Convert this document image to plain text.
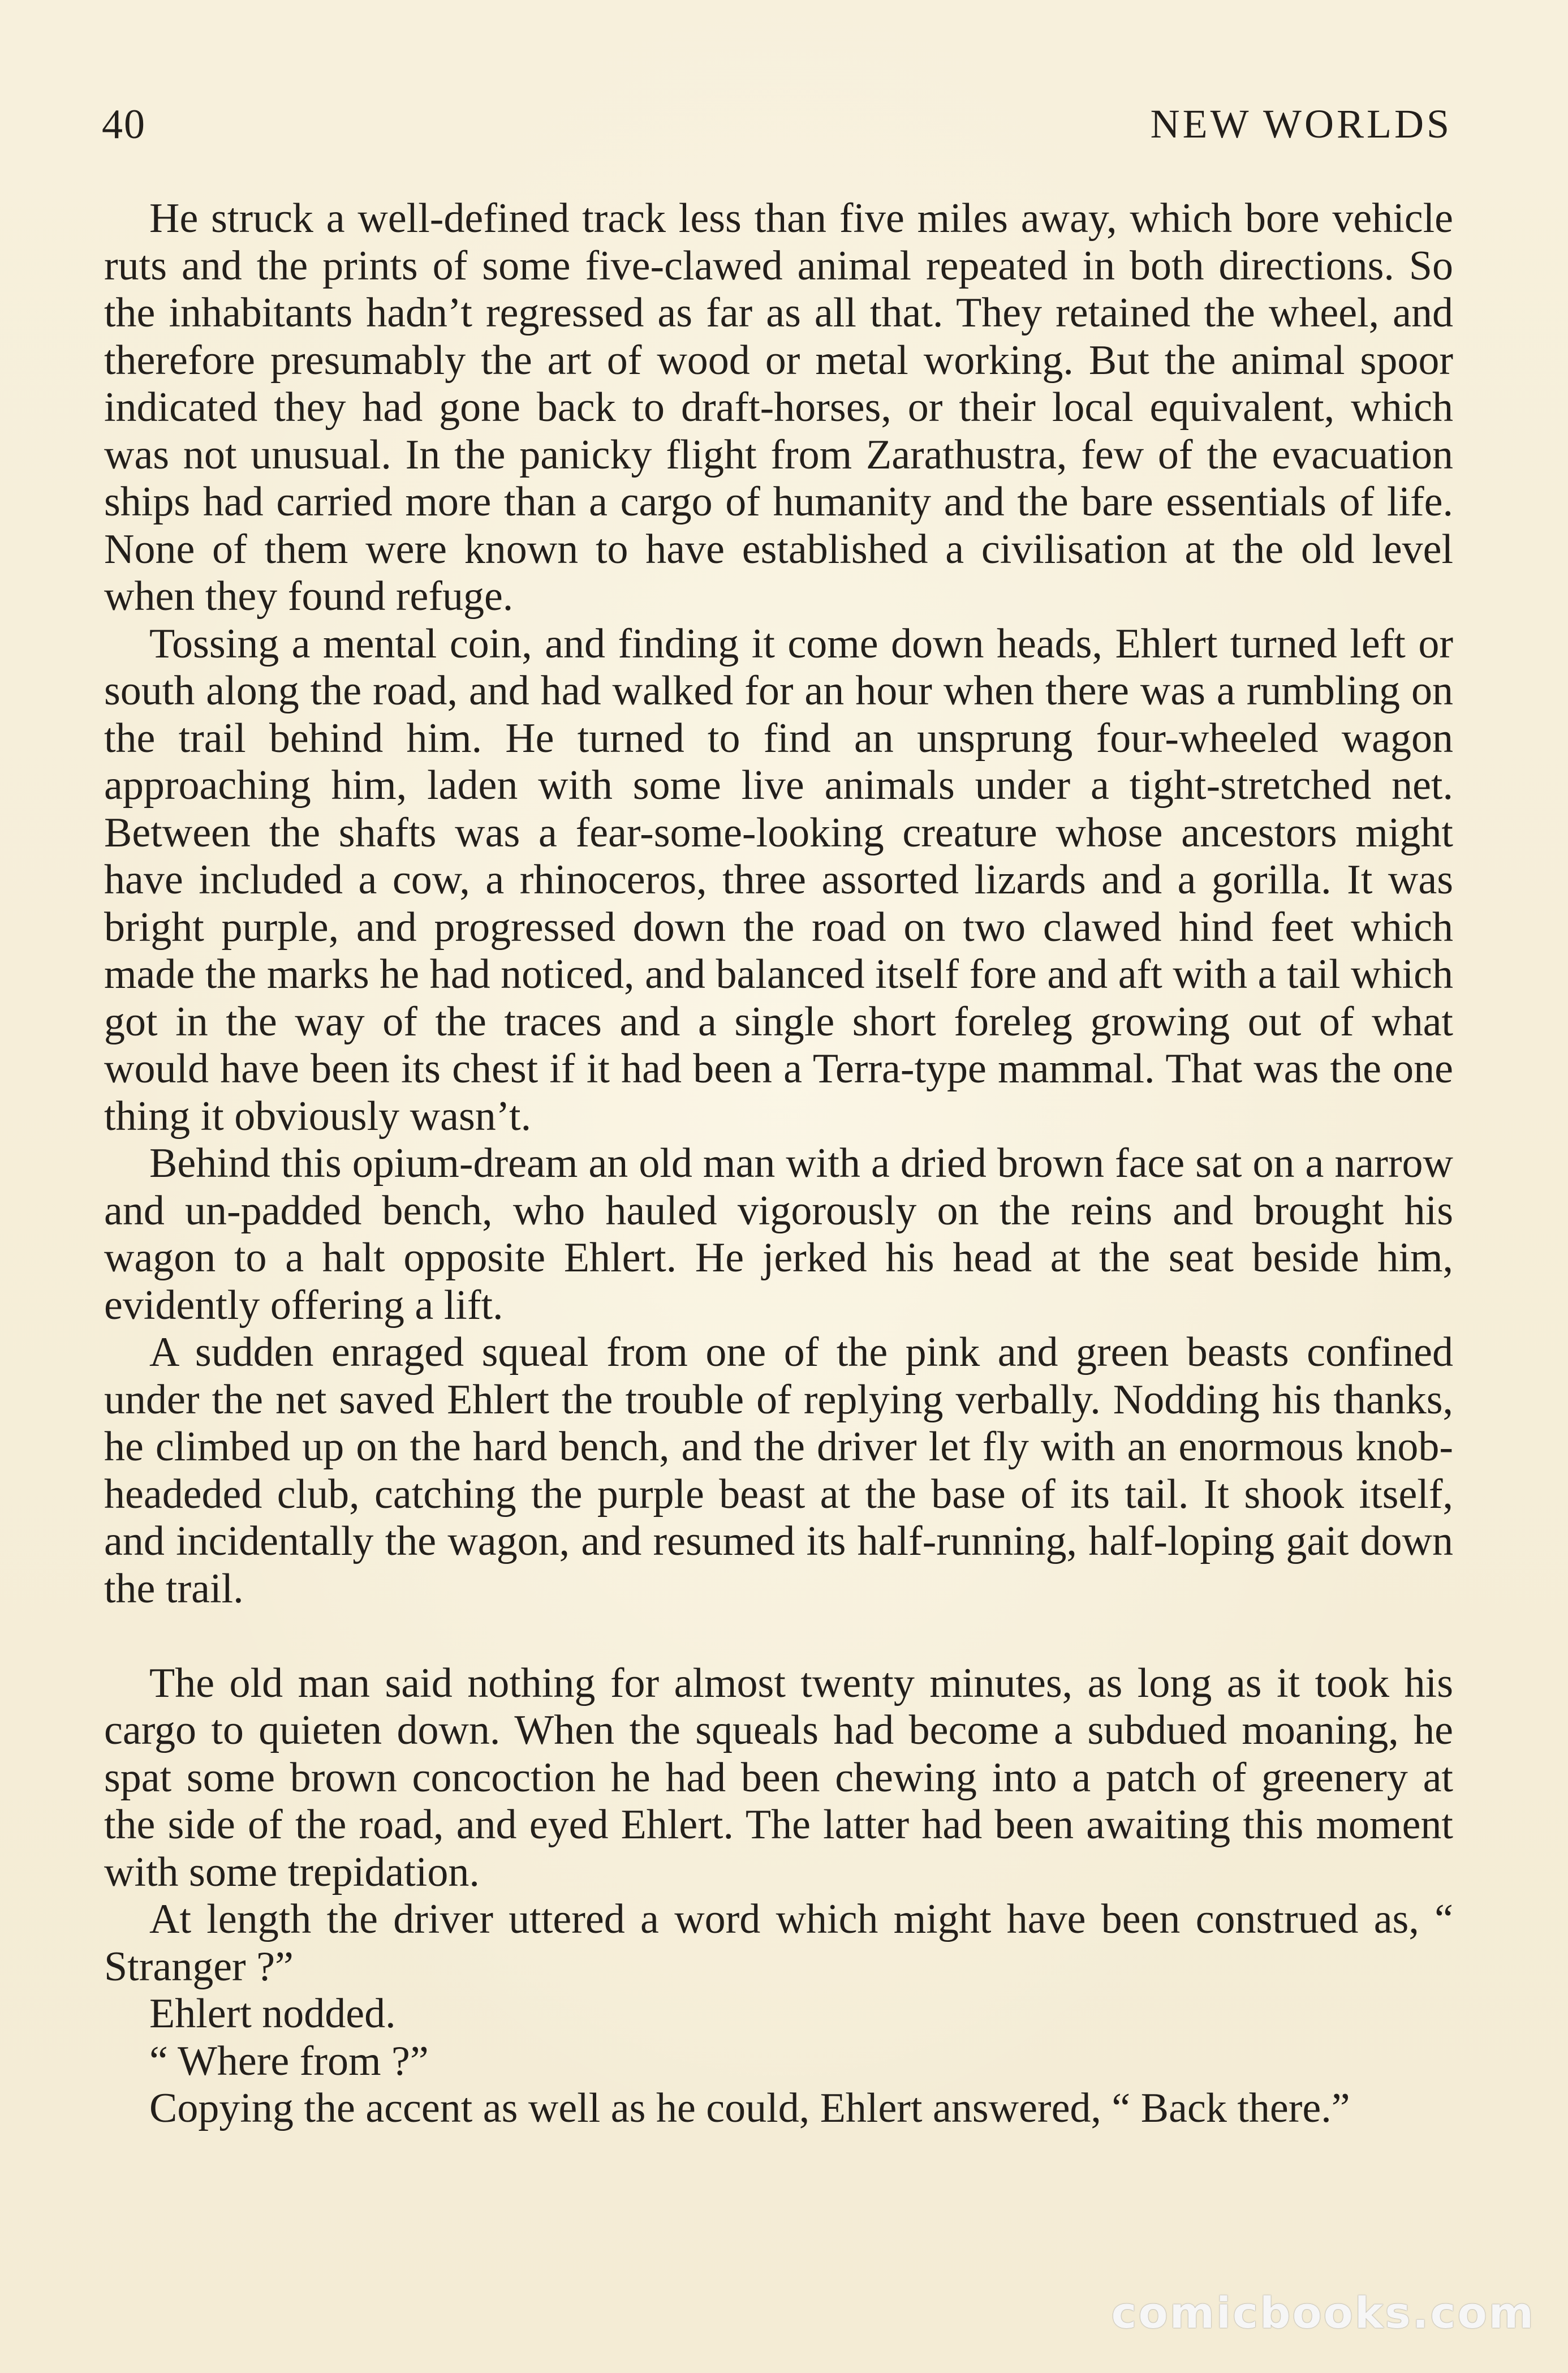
40	NEW WORLDS

He struck a well-defined track less than five miles away, which bore vehicle ruts and the prints of some five-clawed animal repeated in both directions. So the inhabitants hadn’t regressed as far as all that. They retained the wheel, and therefore presumably the art of wood or metal working. But the animal spoor indicated they had gone back to draft-horses, or their local equivalent, which was not unusual. In the panicky flight from Zarathustra, few of the evacuation ships had carried more than a cargo of humanity and the bare essentials of life. None of them were known to have established a civilisation at the old level when they found refuge.

Tossing a mental coin, and finding it come down heads, Ehlert turned left or south along the road, and had walked for an hour when there was a rumbling on the trail behind him. He turned to find an unsprung four-wheeled wagon approaching him, laden with some live animals under a tight-stretched net. Between the shafts was a fear-some-looking creature whose ancestors might have included a cow, a rhinoceros, three assorted lizards and a gorilla. It was bright purple, and progressed down the road on two clawed hind feet which made the marks he had noticed, and balanced itself fore and aft with a tail which got in the way of the traces and a single short foreleg growing out of what would have been its chest if it had been a Terra-type mammal. That was the one thing it obviously wasn’t.

Behind this opium-dream an old man with a dried brown face sat on a narrow and un-padded bench, who hauled vigorously on the reins and brought his wagon to a halt opposite Ehlert. He jerked his head at the seat beside him, evidently offering a lift.

A sudden enraged squeal from one of the pink and green beasts confined under the net saved Ehlert the trouble of replying verbally. Nodding his thanks, he climbed up on the hard bench, and the driver let fly with an enormous knob-headeded club, catching the purple beast at the base of its tail. It shook itself, and incidentally the wagon, and resumed its half-running, half-loping gait down the trail.

The old man said nothing for almost twenty minutes, as long as it took his cargo to quieten down. When the squeals had become a subdued moaning, he spat some brown concoction he had been chewing into a patch of greenery at the side of the road, and eyed Ehlert. The latter had been awaiting this moment with some trepidation.

At length the driver uttered a word which might have been construed as, “ Stranger ?”

Ehlert nodded.

“ Where from ?”

Copying the accent as well as he could, Ehlert answered, “ Back there.”

comicbooks.com
